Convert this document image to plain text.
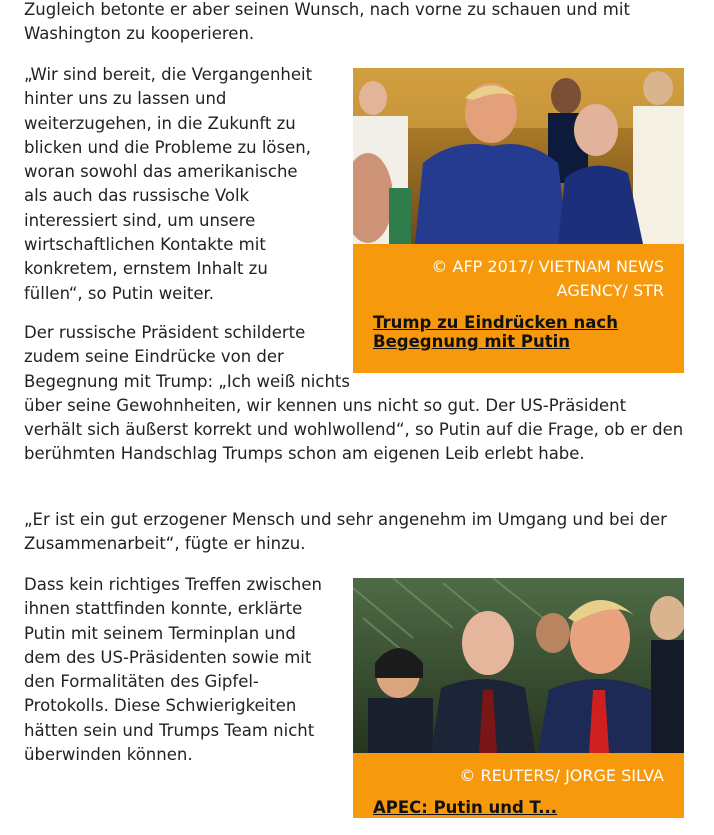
Zugleich betonte er aber seinen Wunsch, nach vorne zu schauen und mit Washington zu kooperieren.

„Wir sind bereit, die Vergangenheit hinter uns zu lassen und weiterzugehen, in die Zukunft zu blicken und die Probleme zu lösen, woran sowohl das amerikanische als auch das russische Volk interessiert sind, um unsere wirtschaftlichen Kontakte mit konkretem, ernstem Inhalt zu füllen“, so Putin weiter.

Der russische Präsident schilderte zudem seine Eindrücke von der Begegnung mit Trump: „Ich weiß nichts über seine Gewohnheiten, wir kennen uns nicht so gut. Der US-Präsident verhält sich äußerst korrekt und wohlwollend“, so Putin auf die Frage, ob er den berühmten Handschlag Trumps schon am eigenen Leib erlebt habe.

„Er ist ein gut erzogener Mensch und sehr angenehm im Umgang und bei der Zusammenarbeit“, fügte er hinzu.

Dass kein richtiges Treffen zwischen ihnen stattfinden konnte, erklärte Putin mit seinem Terminplan und dem des US-Präsidenten sowie mit den Formalitäten des Gipfel-Protokolls. Diese Schwierigkeiten hätten sein und Trumps Team nicht überwinden können.

© AFP 2017/ VIETNAM NEWS AGENCY/ STR
Trump zu Eindrücken nach Begegnung mit Putin
© REUTERS/ JORGE SILVA
APEC: Putin und T...
